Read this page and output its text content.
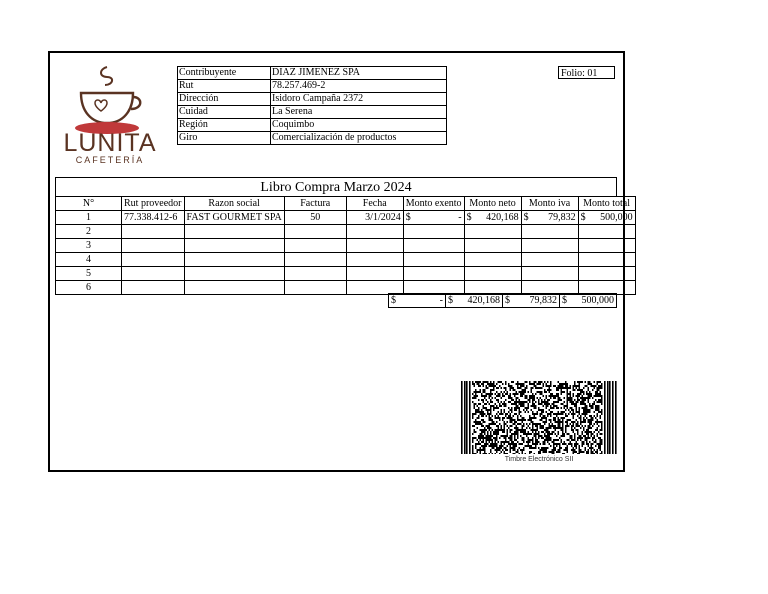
LUNITA
CAFETERÍA
Contribuyente	DIAZ JIMENEZ SPA
Rut	78.257.469-2
Dirección	Isidoro Campaña 2372
Cuidad	La Serena
Región	Coquimbo
Giro	Comercialización de productos
Folio: 01
Libro Compra Marzo 2024
N°	Rut proveedor	Razon social	Factura	Fecha	Monto exento	Monto neto	Monto iva	Monto total
1	77.338.412-6	FAST GOURMET SPA	50	3/1/2024	$ -	$ 420,168	$ 79,832	$ 500,000

2								
3								
4								
5								
6								
$	-	$ 420,168	$ 79,832	$ 500,000
Timbre Electrónico SII
